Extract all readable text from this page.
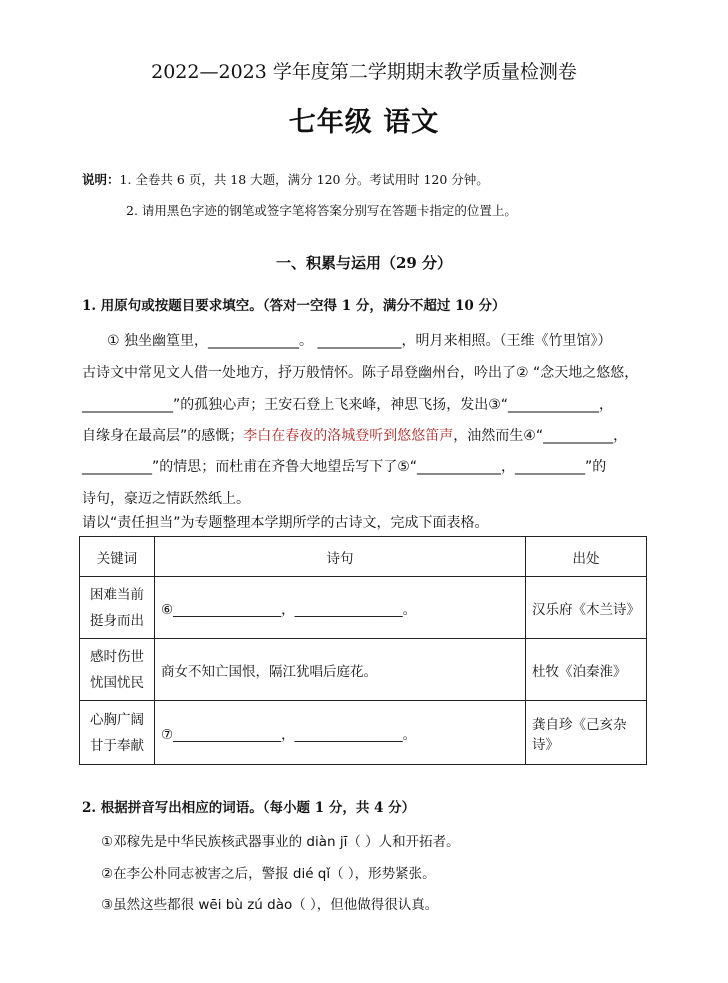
2022—2023 学年度第二学期期末教学质量检测卷
七年级 语文
说明：1. 全卷共 6 页，共 18 大题，满分 120 分。考试用时 120 分钟。
2. 请用黑色字迹的钢笔或签字笔将答案分别写在答题卡指定的位置上。
一、积累与运用（29 分）
1. 用原句或按题目要求填空。（答对一空得 1 分，满分不超过 10 分）
① 独坐幽篁里，_____________。 ____________，明月来相照。（王维《竹里馆》）
古诗文中常见文人借一处地方，抒万般情怀。陈子昂登幽州台，吟出了② “念天地之悠悠，
_____________”的孤独心声；王安石登上飞来峰，神思飞扬，发出③“_____________，
自缘身在最高层”的感慨；李白在春夜的洛城登听到悠悠笛声，油然而生④“__________，
__________”的情思；而杜甫在齐鲁大地望岳写下了⑤“____________，__________”的
诗句，豪迈之情跃然纸上。
请以“责任担当”为专题整理本学期所学的古诗文，完成下面表格。
关键词	诗句	出处
困难当前
挺身而出	⑥________________，________________。	汉乐府《木兰诗》
感时伤世
忧国忧民	商女不知亡国恨，隔江犹唱后庭花。	杜牧《泊秦淮》
心胸广阔
甘于奉献	⑦________________，________________。	龚自珍《己亥杂诗》
2. 根据拼音写出相应的词语。（每小题 1 分，共 4 分）
①邓稼先是中华民族核武器事业的 diàn jī（ ）人和开拓者。
②在李公朴同志被害之后，警报 dié qǐ（ ），形势紧张。
③虽然这些都很 wēi bù zú dào（ ），但他做得很认真。
